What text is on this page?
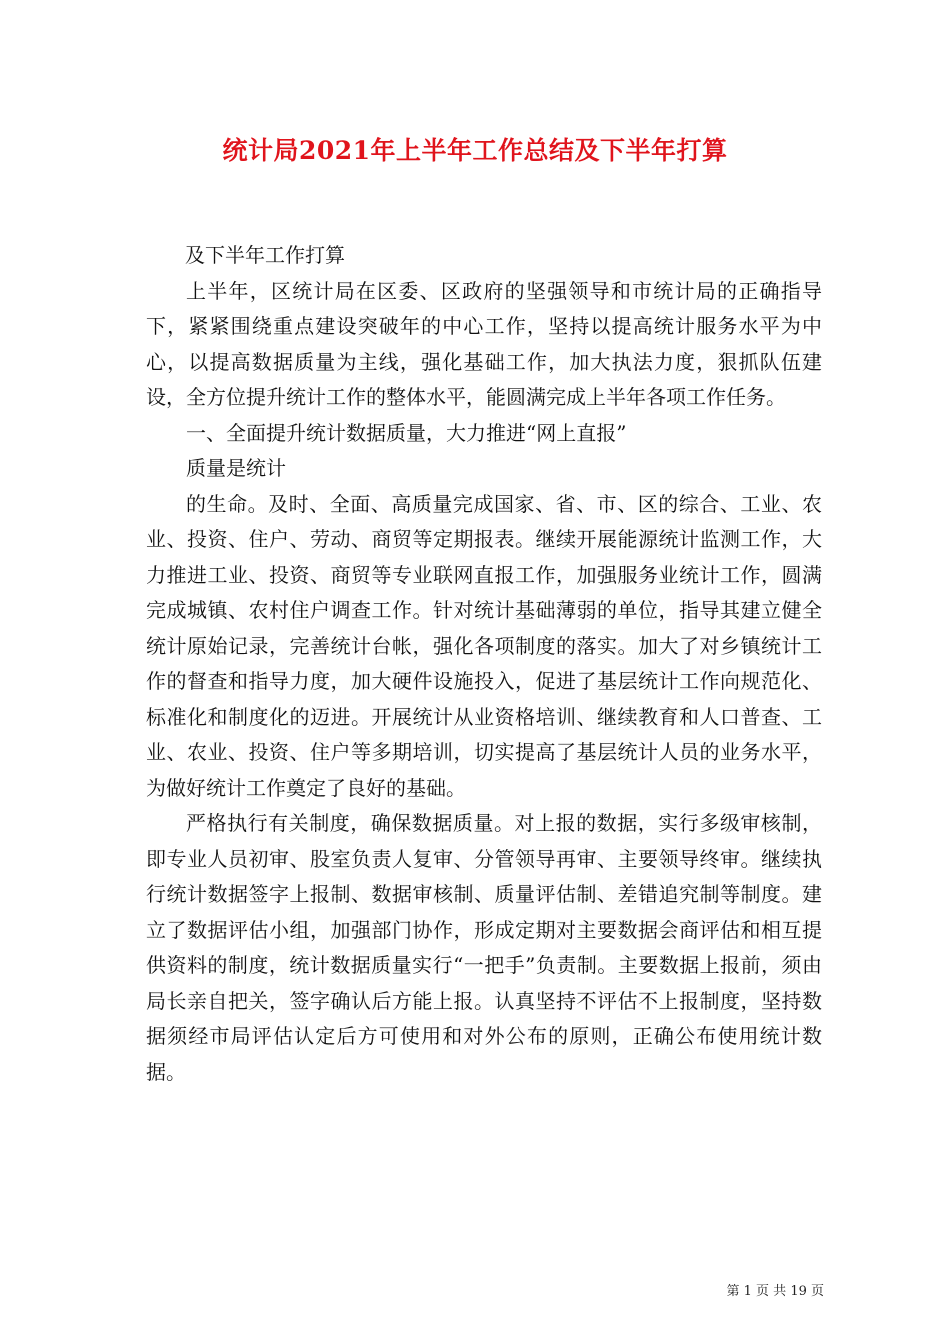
统计局2021年上半年工作总结及下半年打算

及下半年工作打算

上半年，区统计局在区委、区政府的坚强领导和市统计局的正确指导下，紧紧围绕重点建设突破年的中心工作，坚持以提高统计服务水平为中心，以提高数据质量为主线，强化基础工作，加大执法力度，狠抓队伍建设，全方位提升统计工作的整体水平，能圆满完成上半年各项工作任务。

一、全面提升统计数据质量，大力推进“网上直报”

质量是统计

的生命。及时、全面、高质量完成国家、省、市、区的综合、工业、农业、投资、住户、劳动、商贸等定期报表。继续开展能源统计监测工作，大力推进工业、投资、商贸等专业联网直报工作，加强服务业统计工作，圆满完成城镇、农村住户调查工作。针对统计基础薄弱的单位，指导其建立健全统计原始记录，完善统计台帐，强化各项制度的落实。加大了对乡镇统计工作的督查和指导力度，加大硬件设施投入，促进了基层统计工作向规范化、标准化和制度化的迈进。开展统计从业资格培训、继续教育和人口普查、工业、农业、投资、住户等多期培训，切实提高了基层统计人员的业务水平，为做好统计工作奠定了良好的基础。

严格执行有关制度，确保数据质量。对上报的数据，实行多级审核制，即专业人员初审、股室负责人复审、分管领导再审、主要领导终审。继续执行统计数据签字上报制、数据审核制、质量评估制、差错追究制等制度。建立了数据评估小组，加强部门协作，形成定期对主要数据会商评估和相互提供资料的制度，统计数据质量实行“一把手”负责制。主要数据上报前，须由局长亲自把关，签字确认后方能上报。认真坚持不评估不上报制度，坚持数据须经市局评估认定后方可使用和对外公布的原则，正确公布使用统计数据。

第 1 页 共 19 页
